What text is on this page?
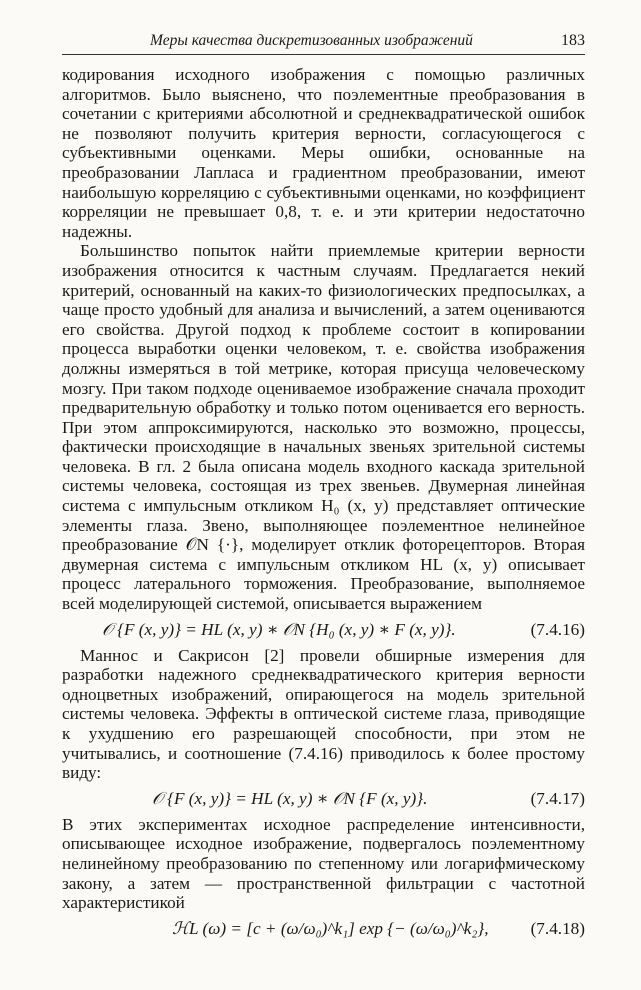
Меры качества дискретизованных изображений	183

кодирования исходного изображения с помощью различных алгоритмов. Было выяснено, что поэлементные преобразования в сочетании с критериями абсолютной и среднеквадратической ошибок не позволяют получить критерия верности, согласующегося с субъективными оценками. Меры ошибки, основанные на преобразовании Лапласа и градиентном преобразовании, имеют наибольшую корреляцию с субъективными оценками, но коэффициент корреляции не превышает 0,8, т. е. и эти критерии недостаточно надежны.

Большинство попыток найти приемлемые критерии верности изображения относится к частным случаям. Предлагается некий критерий, основанный на каких-то физиологических предпосылках, а чаще просто удобный для анализа и вычислений, а затем оцениваются его свойства. Другой подход к проблеме состоит в копировании процесса выработки оценки человеком, т. е. свойства изображения должны измеряться в той метрике, которая присуща человеческому мозгу. При таком подходе оцениваемое изображение сначала проходит предварительную обработку и только потом оценивается его верность. При этом аппроксимируются, насколько это возможно, процессы, фактически происходящие в начальных звеньях зрительной системы человека. В гл. 2 была описана модель входного каскада зрительной системы человека, состоящая из трех звеньев. Двумерная линейная система с импульсным откликом H₀ (x, y) представляет оптические элементы глаза. Звено, выполняющее поэлементное нелинейное преобразование 𝒪N {·}, моделирует отклик фоторецепторов. Вторая двумерная система с импульсным откликом HL (x, y) описывает процесс латерального торможения. Преобразование, выполняемое всей моделирующей системой, описывается выражением

𝒪 {F (x, y)} = HL (x, y) ∗ 𝒪N {H₀ (x, y) ∗ F (x, y)}.	(7.4.16)

Маннос и Сакрисон [2] провели обширные измерения для разработки надежного среднеквадратического критерия верности одноцветных изображений, опирающегося на модель зрительной системы человека. Эффекты в оптической системе глаза, приводящие к ухудшению его разрешающей способности, при этом не учитывались, и соотношение (7.4.16) приводилось к более простому виду:

𝒪 {F (x, y)} = HL (x, y) ∗ 𝒪N {F (x, y)}.	(7.4.17)

В этих экспериментах исходное распределение интенсивности, описывающее исходное изображение, подвергалось поэлементному нелинейному преобразованию по степенному или логарифмическому закону, а затем — пространственной фильтрации с частотной характеристикой

ℋL (ω) = [c + (ω/ω₀)^k₁] exp {− (ω/ω₀)^k₂},	(7.4.18)
